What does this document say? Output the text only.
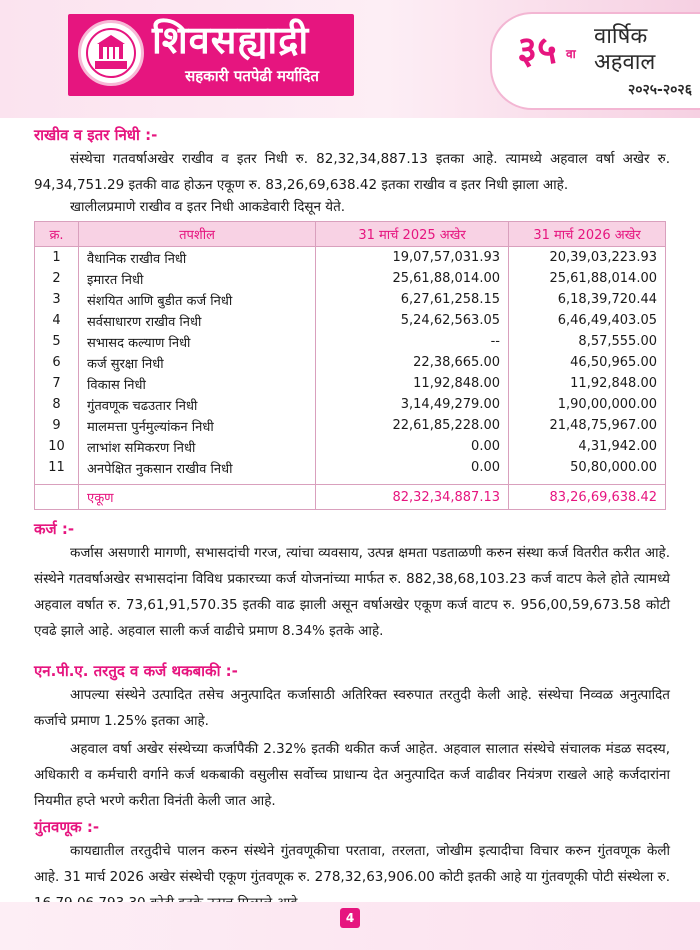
शिवसह्याद्री
सहकारी पतपेढी मर्यादित
३५ वा
वार्षिक
अहवाल
२०२५-२०२६
राखीव व इतर निधी :-
संस्थेचा गतवर्षाअखेर राखीव व इतर निधी रु. 82,32,34,887.13 इतका आहे. त्यामध्ये अहवाल वर्षा अखेर रु. 94,34,751.29 इतकी वाढ होऊन एकूण रु. 83,26,69,638.42 इतका राखीव व इतर निधी झाला आहे.
खालीलप्रमाणे राखीव व इतर निधी आकडेवारी दिसून येते.
क्र.	तपशील	31 मार्च 2025 अखेर	31 मार्च 2026 अखेर
1	वैधानिक राखीव निधी	19,07,57,031.93	20,39,03,223.93
2	इमारत निधी	25,61,88,014.00	25,61,88,014.00
3	संशयित आणि बुडीत कर्ज निधी	6,27,61,258.15	6,18,39,720.44
4	सर्वसाधारण राखीव निधी	5,24,62,563.05	6,46,49,403.05
5	सभासद कल्याण निधी	--	8,57,555.00
6	कर्ज सुरक्षा निधी	22,38,665.00	46,50,965.00
7	विकास निधी	11,92,848.00	11,92,848.00
8	गुंतवणूक चढउतार निधी	3,14,49,279.00	1,90,00,000.00
9	मालमत्ता पुर्नमुल्यांकन निधी	22,61,85,228.00	21,48,75,967.00
10	लाभांश समिकरण निधी	0.00	4,31,942.00
11	अनपेक्षित नुकसान राखीव निधी	0.00	50,80,000.00
	एकूण	82,32,34,887.13	83,26,69,638.42
कर्ज :-
कर्जास असणारी मागणी, सभासदांची गरज, त्यांचा व्यवसाय, उत्पन्न क्षमता पडताळणी करुन संस्था कर्ज वितरीत करीत आहे. संस्थेने गतवर्षाअखेर सभासदांना विविध प्रकारच्या कर्ज योजनांच्या मार्फत रु. 882,38,68,103.23 कर्ज वाटप केले होते त्यामध्ये अहवाल वर्षात रु. 73,61,91,570.35 इतकी वाढ झाली असून वर्षाअखेर एकूण कर्ज वाटप रु. 956,00,59,673.58 कोटी एवढे झाले आहे. अहवाल साली कर्ज वाढीचे प्रमाण 8.34% इतके आहे.
एन.पी.ए. तरतुद व कर्ज थकबाकी :-
आपल्या संस्थेने उत्पादित तसेच अनुत्पादित कर्जासाठी अतिरिक्त स्वरुपात तरतुदी केली आहे. संस्थेचा निव्वळ अनुत्पादित कर्जाचे प्रमाण 1.25% इतका आहे.
अहवाल वर्षा अखेर संस्थेच्या कर्जापैकी 2.32% इतकी थकीत कर्ज आहेत. अहवाल सालात संस्थेचे संचालक मंडळ सदस्य, अधिकारी व कर्मचारी वर्गाने कर्ज थकबाकी वसुलीस सर्वोच्च प्राधान्य देत अनुत्पादित कर्ज वाढीवर नियंत्रण राखले आहे कर्जदारांना नियमीत हप्ते भरणे करीता विनंती केली जात आहे.
गुंतवणूक :-
कायद्यातील तरतुदीचे पालन करुन संस्थेने गुंतवणूकीचा परतावा, तरलता, जोखीम इत्यादीचा विचार करुन गुंतवणूक केली आहे. 31 मार्च 2026 अखेर संस्थेची एकूण गुंतवणूक रु. 278,32,63,906.00 कोटी इतकी आहे या गुंतवणूकी पोटी संस्थेला रु.
4
